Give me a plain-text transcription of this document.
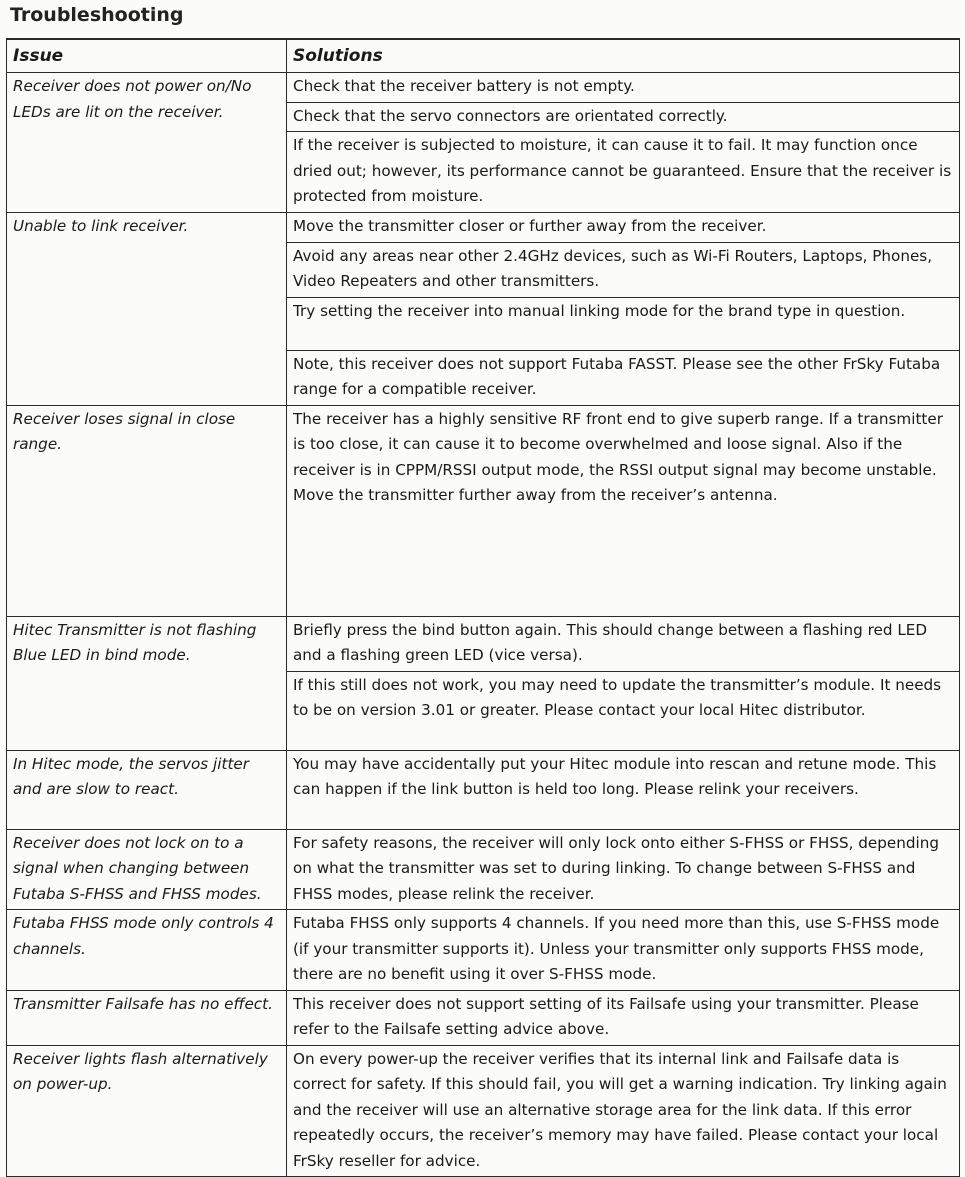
Troubleshooting
Issue	Solutions
Receiver does not power on/No LEDs are lit on the receiver.	Check that the receiver battery is not empty.
	Check that the servo connectors are orientated correctly.
	If the receiver is subjected to moisture, it can cause it to fail. It may function once dried out; however, its performance cannot be guaranteed. Ensure that the receiver is protected from moisture.
Unable to link receiver.	Move the transmitter closer or further away from the receiver.
	Avoid any areas near other 2.4GHz devices, such as Wi-Fi Routers, Laptops, Phones, Video Repeaters and other transmitters.
	Try setting the receiver into manual linking mode for the brand type in question.
	Note, this receiver does not support Futaba FASST. Please see the other FrSky Futaba range for a compatible receiver.
Receiver loses signal in close range.	The receiver has a highly sensitive RF front end to give superb range. If a transmitter is too close, it can cause it to become overwhelmed and loose signal. Also if the receiver is in CPPM/RSSI output mode, the RSSI output signal may become unstable. Move the transmitter further away from the receiver’s antenna.
Hitec Transmitter is not flashing Blue LED in bind mode.	Briefly press the bind button again. This should change between a flashing red LED and a flashing green LED (vice versa).
	If this still does not work, you may need to update the transmitter’s module. It needs to be on version 3.01 or greater. Please contact your local Hitec distributor.
In Hitec mode, the servos jitter and are slow to react.	You may have accidentally put your Hitec module into rescan and retune mode. This can happen if the link button is held too long. Please relink your receivers.
Receiver does not lock on to a signal when changing between Futaba S-FHSS and FHSS modes.	For safety reasons, the receiver will only lock onto either S-FHSS or FHSS, depending on what the transmitter was set to during linking. To change between S-FHSS and FHSS modes, please relink the receiver.
Futaba FHSS mode only controls 4 channels.	Futaba FHSS only supports 4 channels. If you need more than this, use S-FHSS mode (if your transmitter supports it). Unless your transmitter only supports FHSS mode, there are no benefit using it over S-FHSS mode.
Transmitter Failsafe has no effect.	This receiver does not support setting of its Failsafe using your transmitter. Please refer to the Failsafe setting advice above.
Receiver lights flash alternatively on power-up.	On every power-up the receiver verifies that its internal link and Failsafe data is correct for safety. If this should fail, you will get a warning indication. Try linking again and the receiver will use an alternative storage area for the link data. If this error repeatedly occurs, the receiver’s memory may have failed. Please contact your local FrSky reseller for advice.
